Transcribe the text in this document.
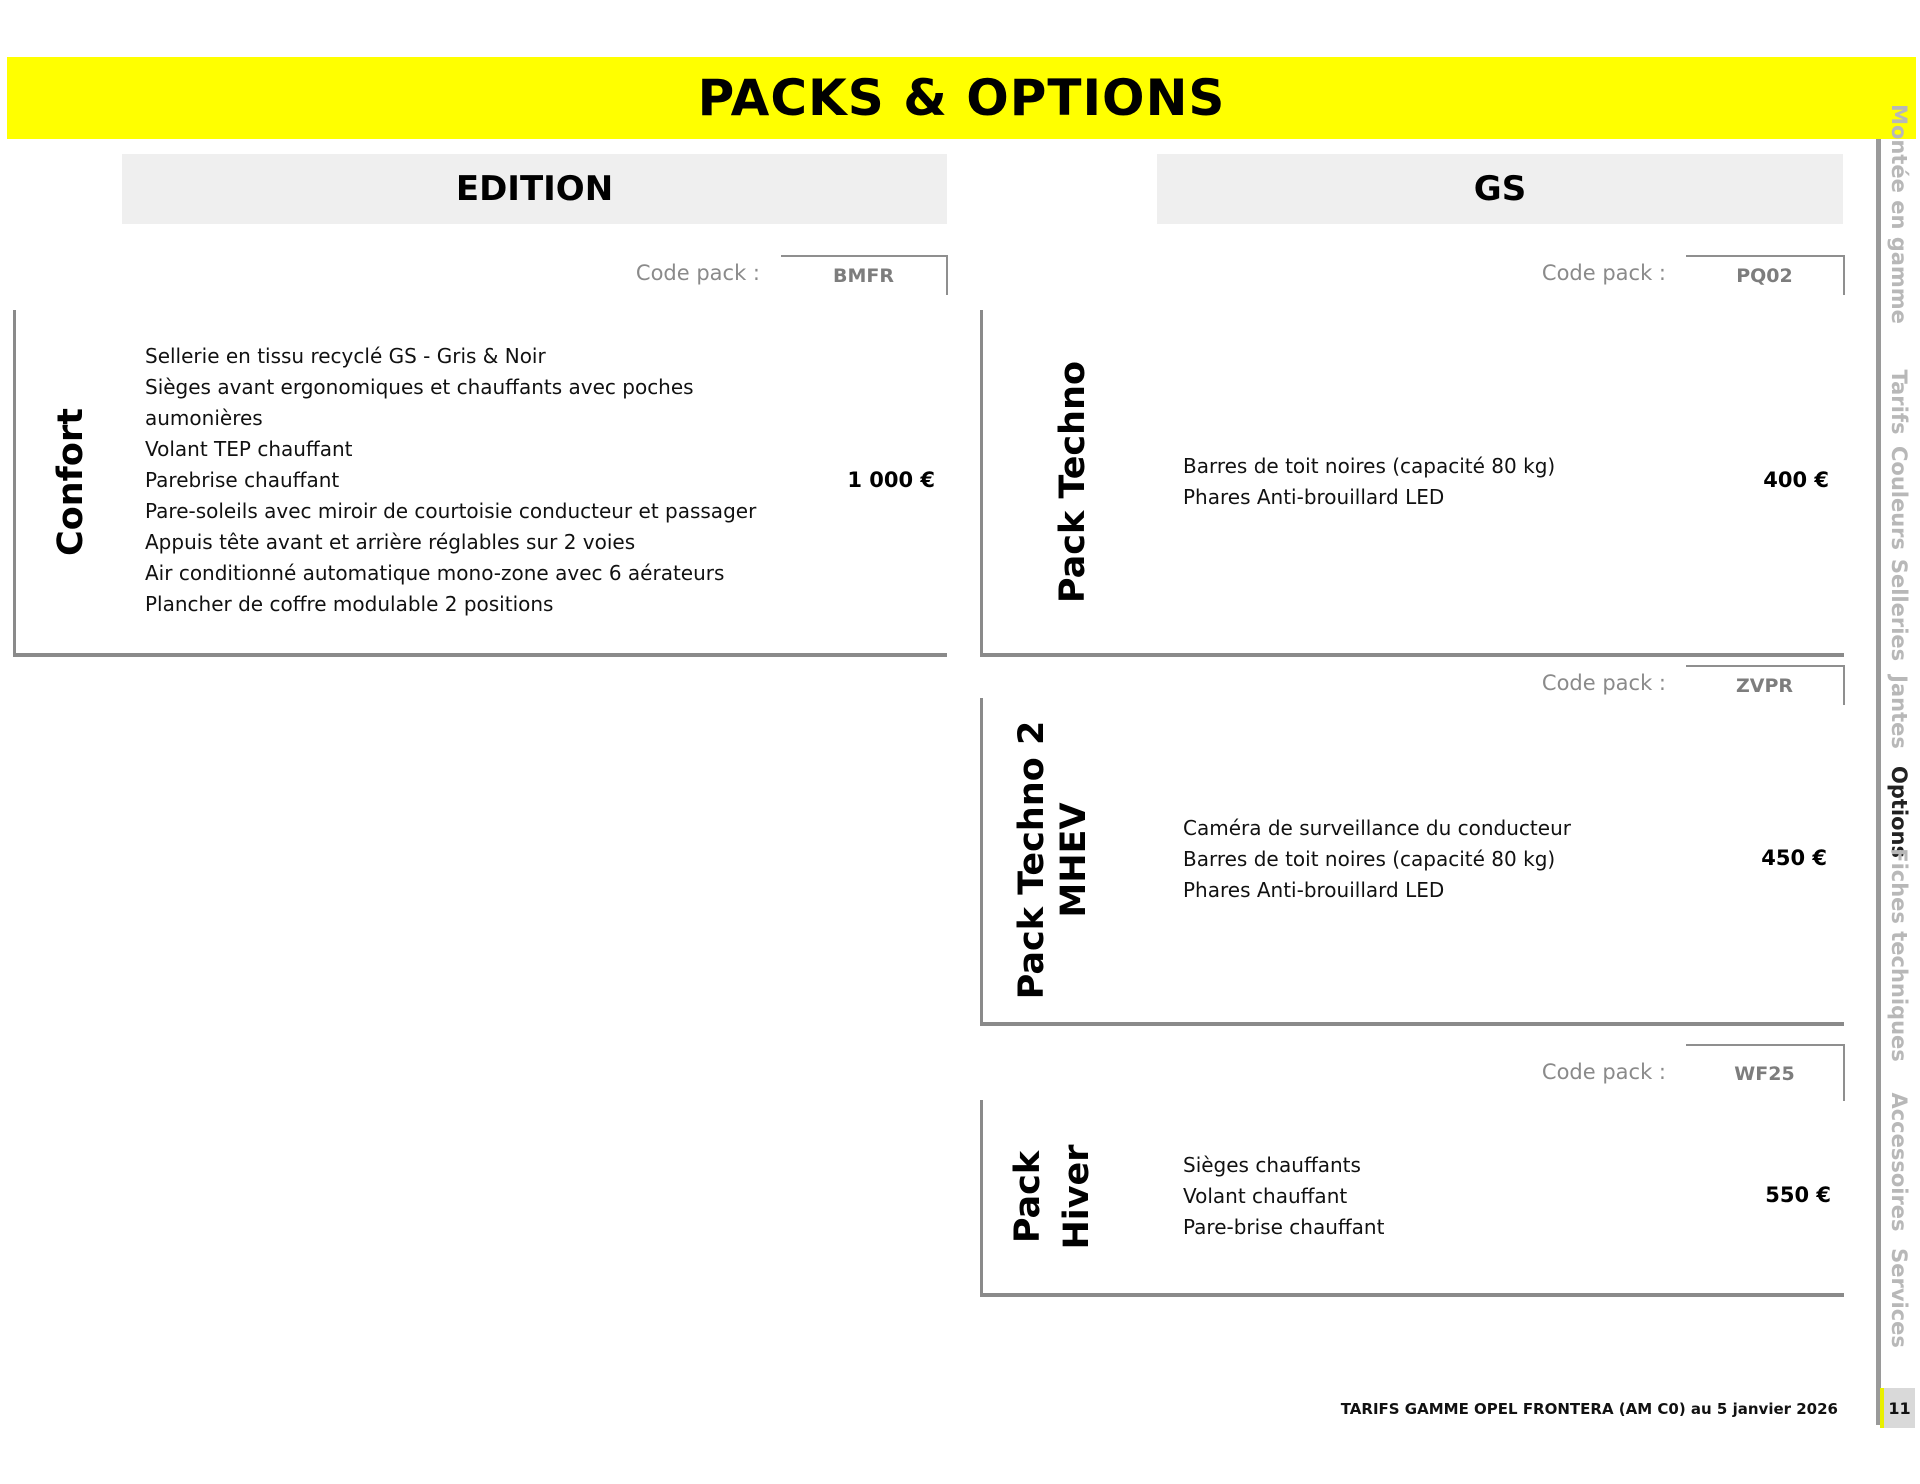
PACKS & OPTIONS
EDITION	GS
Code pack :	BMFR
Confort
Sellerie en tissu recyclé GS - Gris & Noir
Sièges avant ergonomiques et chauffants avec poches
aumonières
Volant TEP chauffant
Parebrise chauffant
Pare-soleils avec miroir de courtoisie conducteur et passager
Appuis tête avant et arrière réglables sur 2 voies
Air conditionné automatique mono-zone avec 6 aérateurs
Plancher de coffre modulable 2 positions
1 000 €
Code pack :	PQ02
Pack Techno	Barres de toit noires (capacité 80 kg)
Phares Anti-brouillard LED
400 €
Code pack :	ZVPR
Pack Techno 2 MHEV	Caméra de surveillance du conducteur
Barres de toit noires (capacité 80 kg)
Phares Anti-brouillard LED
450 €
Code pack :	WF25
Pack Hiver	Sièges chauffants
Volant chauffant
Pare-brise chauffant
550 €
Montée en gamme
Tarifs
Couleurs
Selleries
Jantes
Options
Fiches techniques
Accessoires
Services
TARIFS GAMME OPEL FRONTERA (AM C0) au 5 janvier 2026	11
